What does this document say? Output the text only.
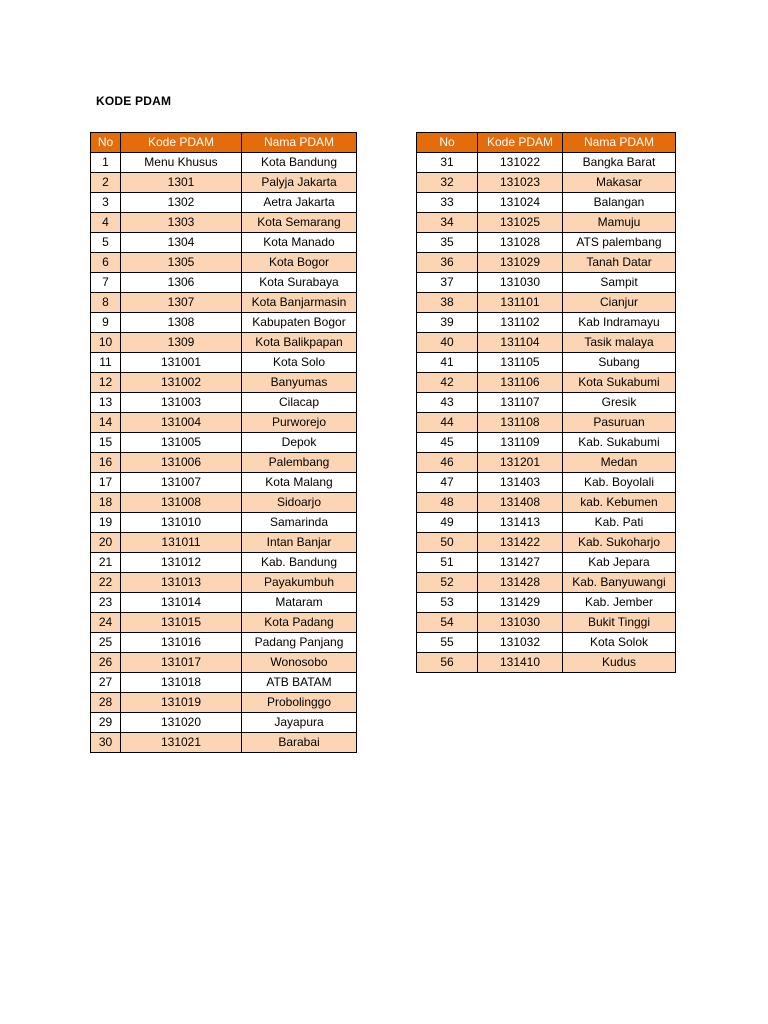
KODE PDAM
No	Kode PDAM	Nama PDAM
1	Menu Khusus	Kota Bandung
2	1301	Palyja Jakarta
3	1302	Aetra Jakarta
4	1303	Kota Semarang
5	1304	Kota Manado
6	1305	Kota Bogor
7	1306	Kota Surabaya
8	1307	Kota Banjarmasin
9	1308	Kabupaten Bogor
10	1309	Kota Balikpapan
11	131001	Kota Solo
12	131002	Banyumas
13	131003	Cilacap
14	131004	Purworejo
15	131005	Depok
16	131006	Palembang
17	131007	Kota Malang
18	131008	Sidoarjo
19	131010	Samarinda
20	131011	Intan Banjar
21	131012	Kab. Bandung
22	131013	Payakumbuh
23	131014	Mataram
24	131015	Kota Padang
25	131016	Padang Panjang
26	131017	Wonosobo
27	131018	ATB BATAM
28	131019	Probolinggo
29	131020	Jayapura
30	131021	Barabai
No	Kode PDAM	Nama PDAM
31	131022	Bangka Barat
32	131023	Makasar
33	131024	Balangan
34	131025	Mamuju
35	131028	ATS palembang
36	131029	Tanah Datar
37	131030	Sampit
38	131101	Cianjur
39	131102	Kab Indramayu
40	131104	Tasik malaya
41	131105	Subang
42	131106	Kota Sukabumi
43	131107	Gresik
44	131108	Pasuruan
45	131109	Kab. Sukabumi
46	131201	Medan
47	131403	Kab. Boyolali
48	131408	kab. Kebumen
49	131413	Kab. Pati
50	131422	Kab. Sukoharjo
51	131427	Kab Jepara
52	131428	Kab. Banyuwangi
53	131429	Kab. Jember
54	131030	Bukit Tinggi
55	131032	Kota Solok
56	131410	Kudus
